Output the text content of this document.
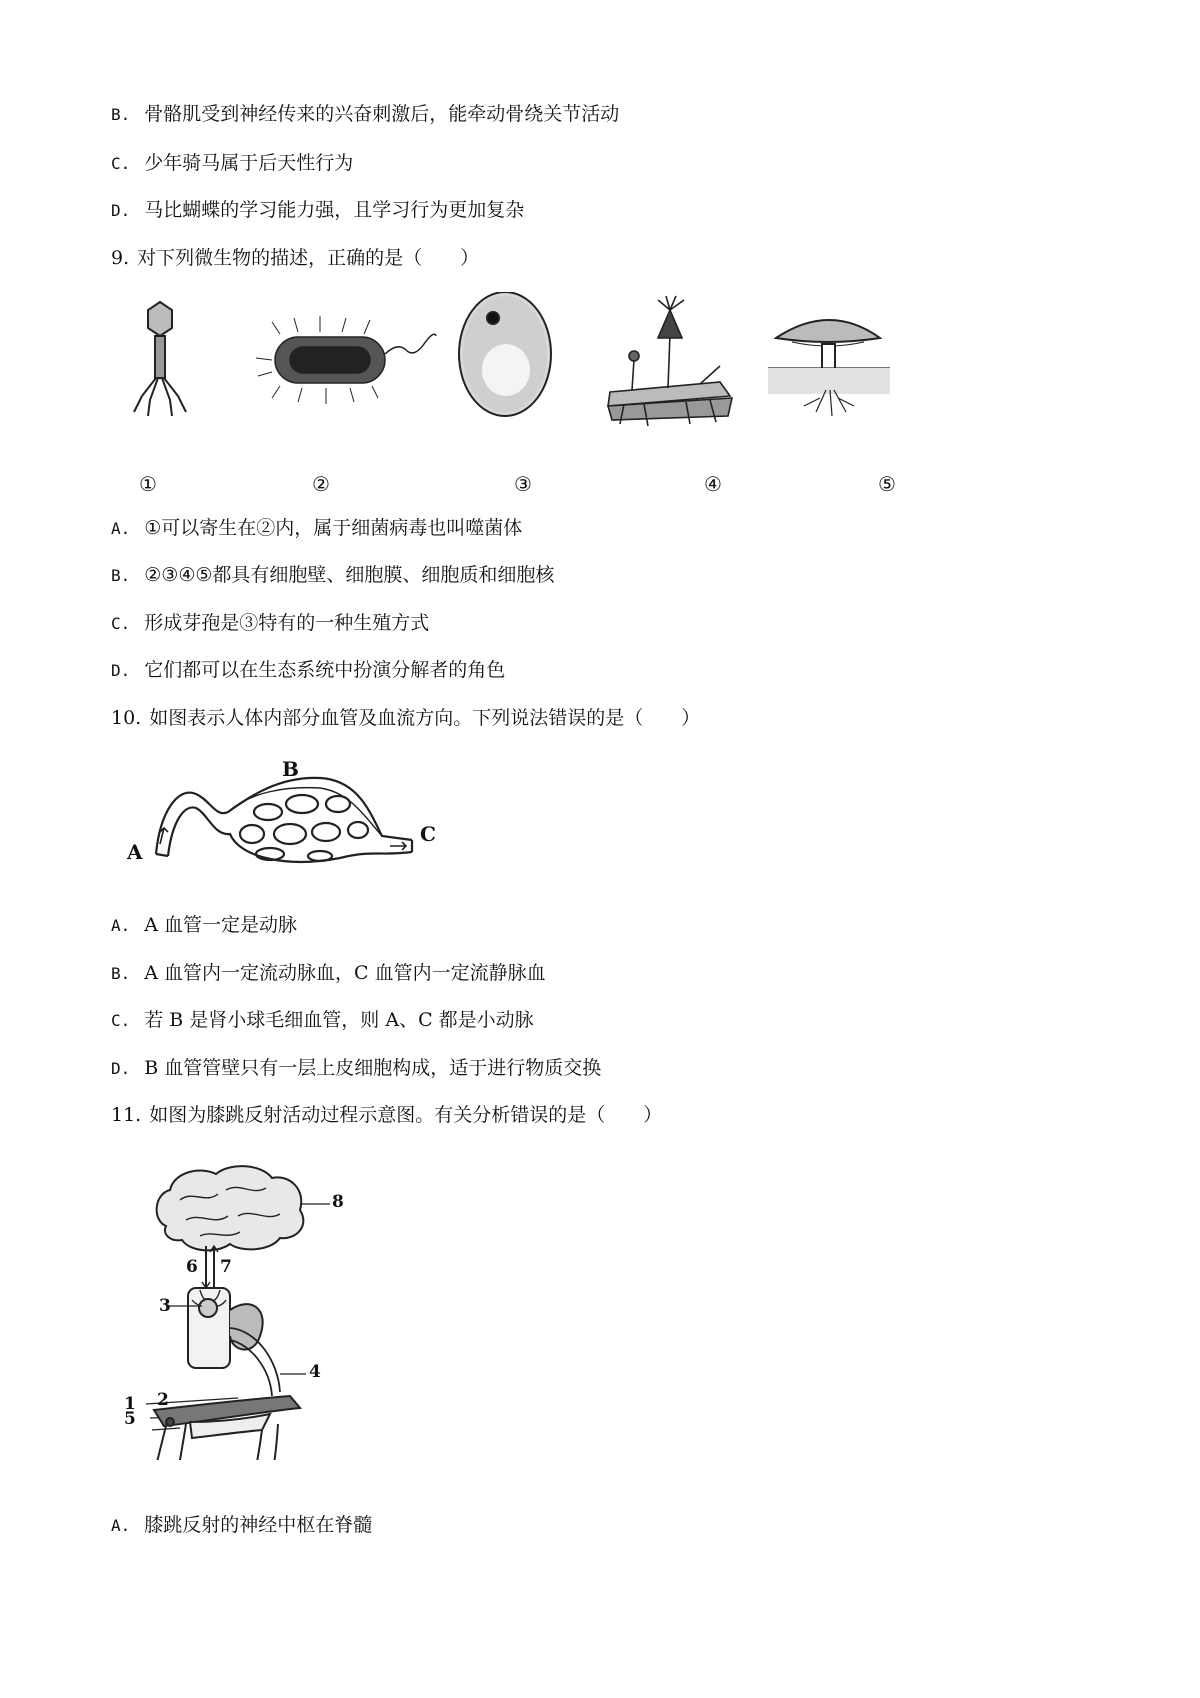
B. 骨骼肌受到神经传来的兴奋刺激后，能牵动骨绕关节活动
C. 少年骑马属于后天性行为
D. 马比蝴蝶的学习能力强，且学习行为更加复杂
9. 对下列微生物的描述，正确的是（　　）
①	②	③	④	⑤
A. ①可以寄生在②内，属于细菌病毒也叫噬菌体
B. ②③④⑤都具有细胞壁、细胞膜、细胞质和细胞核
C. 形成芽孢是③特有的一种生殖方式
D. 它们都可以在生态系统中扮演分解者的角色
10. 如图表示人体内部分血管及血流方向。下列说法错误的是（　　）
A
B
C
A. A 血管一定是动脉
B. A 血管内一定流动脉血，C 血管内一定流静脉血
C. 若 B 是肾小球毛细血管，则 A、C 都是小动脉
D. B 血管管壁只有一层上皮细胞构成，适于进行物质交换
11. 如图为膝跳反射活动过程示意图。有关分析错误的是（　　）
1 2
3
4
5
6 7
8
A. 膝跳反射的神经中枢在脊髓
